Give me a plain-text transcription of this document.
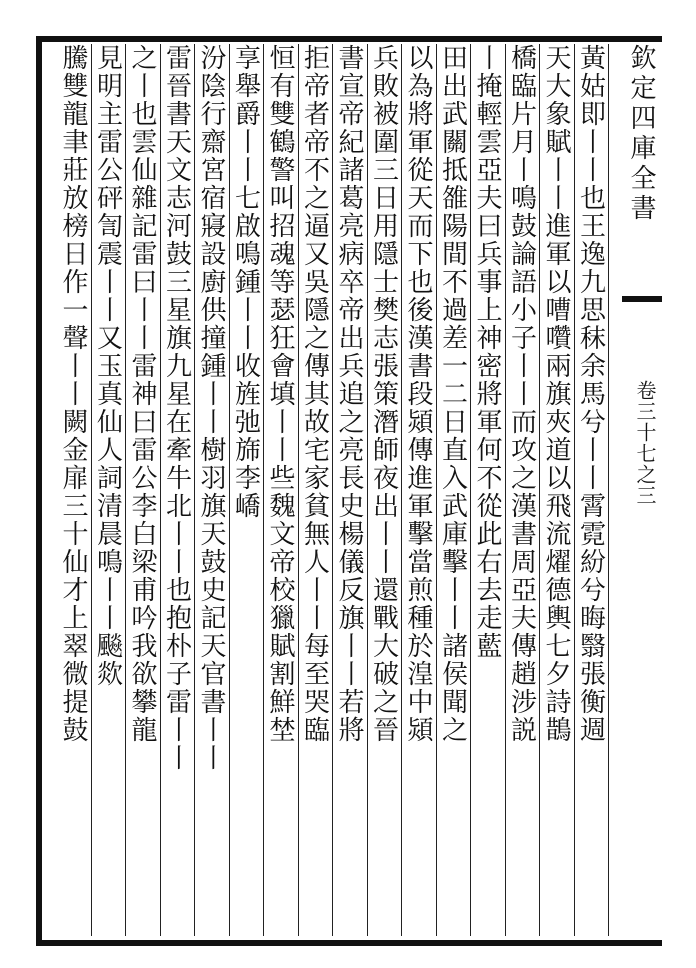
欽定四庫全書
卷三十七之三
黃姑即丨丨也王逸九思秣余馬兮丨丨霄霓紛兮晦翳張衡週
天大象賦丨丨進軍以嘈囋兩旗夾道以飛流燿德輿七夕詩鵲
橋臨片月丨鳴鼓論語小子丨丨而攻之漢書周亞夫傳趙涉説
丨掩輕雲亞夫曰兵事上神密將軍何不從此右去走藍
田出武關抵雒陽間不過差一二日直入武庫擊丨丨諸侯聞之
以為將軍從天而下也後漢書段熲傳進軍擊當煎種於湟中熲
兵敗被圍三日用隱士樊志張策潛師夜出丨丨還戰大破之晉
書宣帝紀諸葛亮病卒帝出兵追之亮長史楊儀反旗丨丨若將
拒帝者帝不之逼又吳隱之傳其故宅家貧無人丨丨每至哭臨
恒有雙鶴警叫招魂等瑟狂會填丨丨些魏文帝校獵賦割鮮埜
享舉爵丨丨七啟鳴鍾丨丨收旌弛旆李嶠
汾陰行齋宮宿寢設廚供撞鍾丨丨樹羽旗天鼓史記天官書丨丨
雷晉書天文志河鼓三星旗九星在牽牛北丨丨也抱朴子雷丨丨
之丨也雲仙雜記雷曰丨丨雷神曰雷公李白梁甫吟我欲攀龍
見明主雷公砰訇震丨丨又玉真仙人詞清晨鳴丨丨飈欻
騰雙龍聿莊放榜日作一聲丨丨闕金扉三十仙才上翠微提鼓
